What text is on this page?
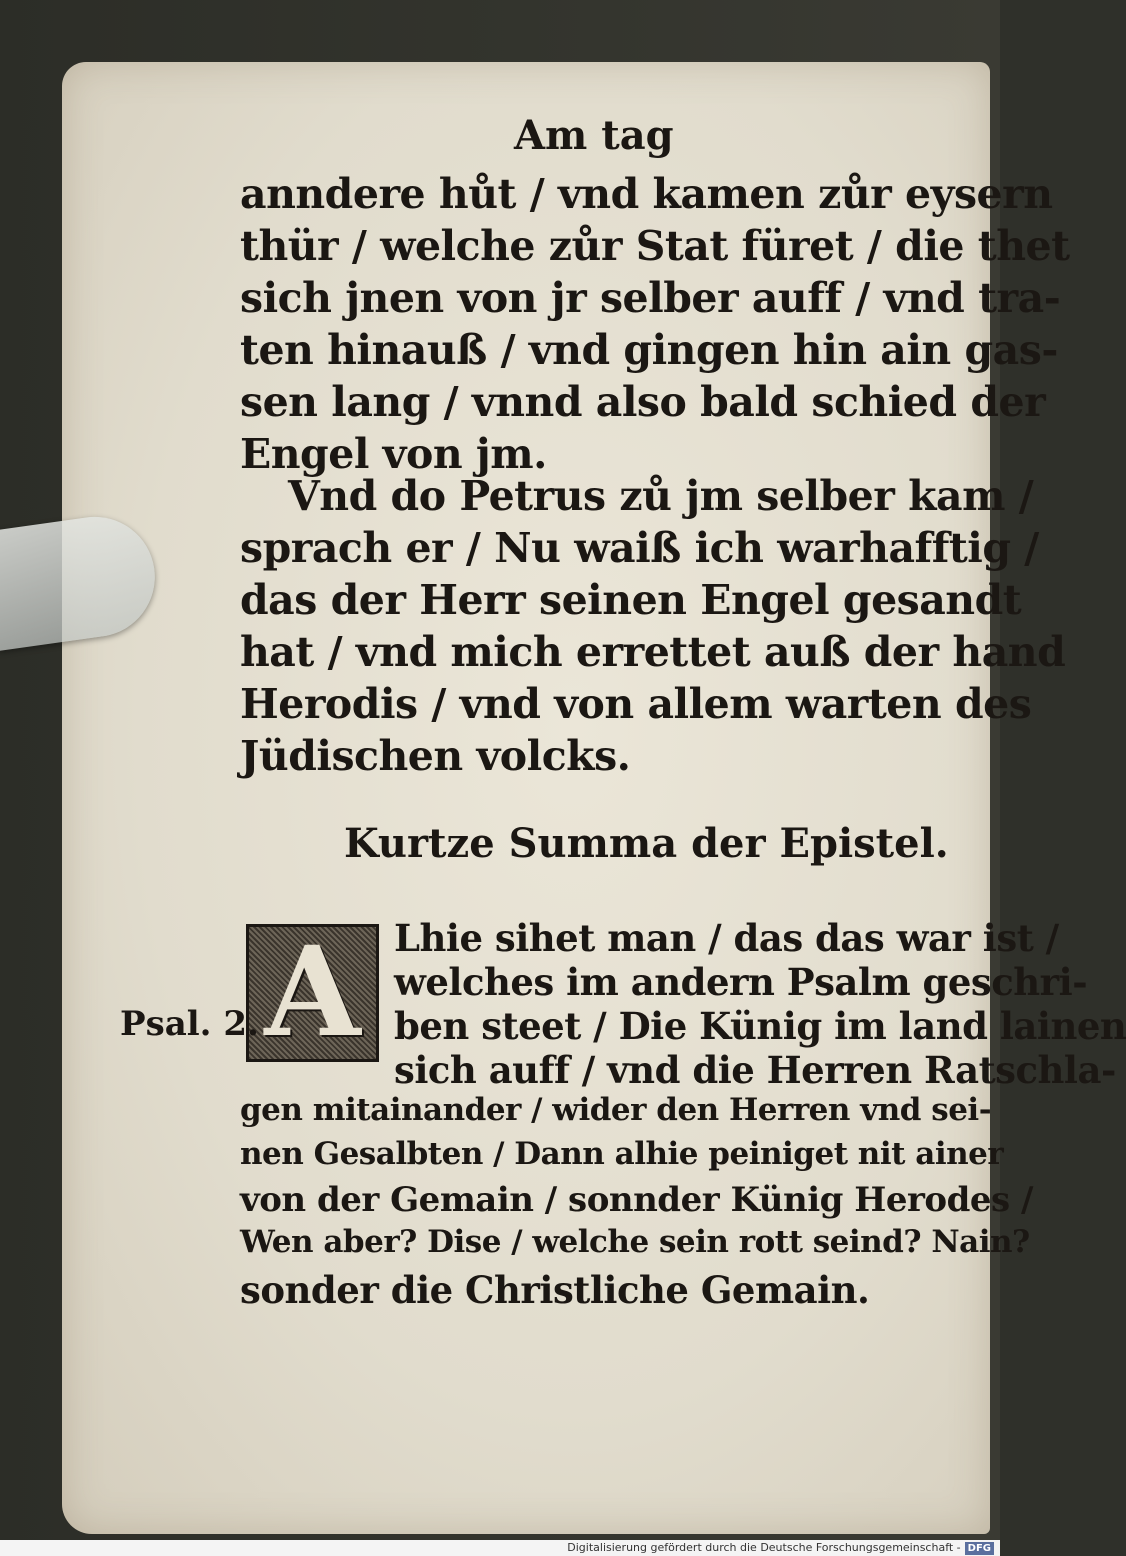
Am tag
anndere hůt / vnd kamen zůr eysern
thür / welche zůr Stat füret / die thet
sich jnen von jr selber auff / vnd tra-
ten hinauß / vnd gingen hin ain gas-
sen lang / vnnd also bald schied der
Engel von jm.
Vnd do Petrus zů jm selber kam /
sprach er / Nu waiß ich warhafftig /
das der Herr seinen Engel gesandt
hat / vnd mich errettet auß der hand
Herodis / vnd von allem warten des
Jüdischen volcks.
Kurtze Summa der Epistel.
A Lhie sihet man / das das war ist /
welches im andern Psalm geschri-
ben steet / Die Künig im land lainen
sich auff / vnd die Herren Ratschla-
gen mitainander / wider den Herren vnd sei-
nen Gesalbten / Dann alhie peiniget nit ainer
von der Gemain / sonnder Künig Herodes /
Wen aber? Dise / welche sein rott seind? Nain?
sonder die Christliche Gemain.
Psal. 2.
Digitalisierung gefördert durch die Deutsche Forschungsgemeinschaft - DFG
